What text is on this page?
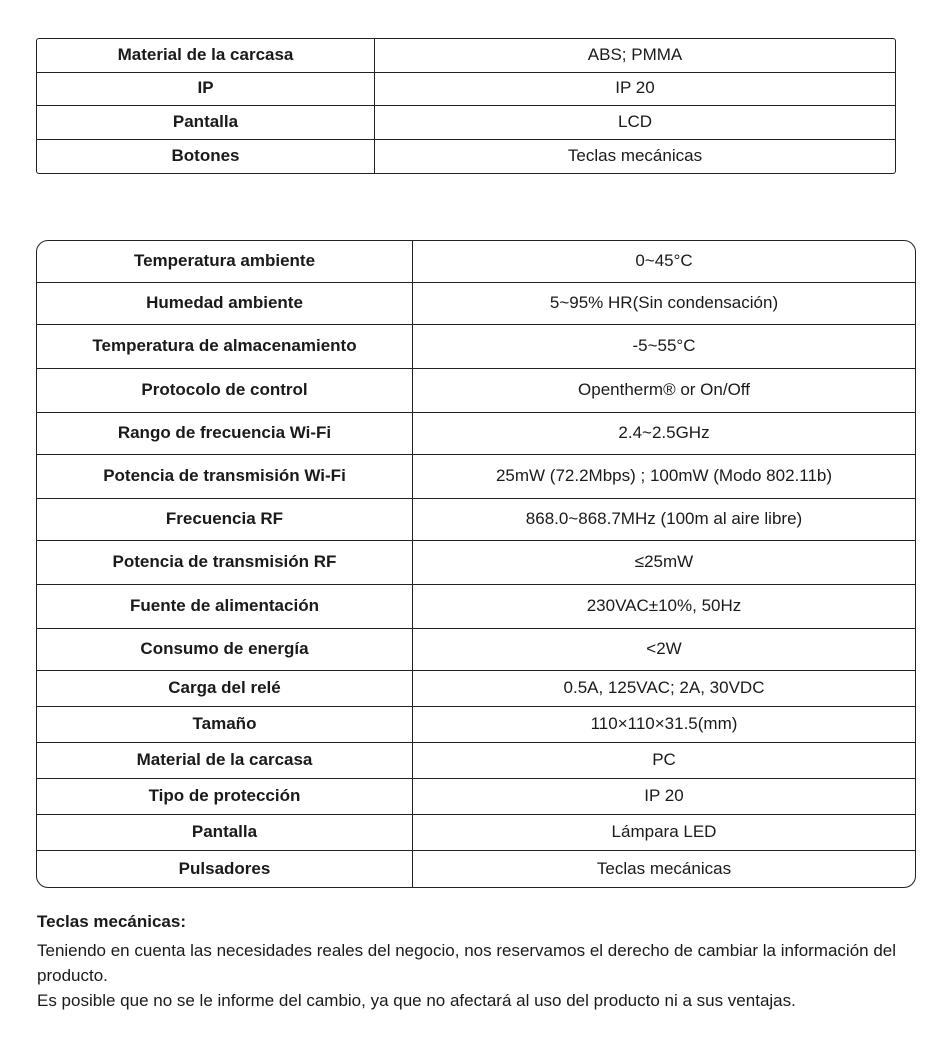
Material de la carcasa	ABS; PMMA
IP	IP 20
Pantalla	LCD
Botones	Teclas mecánicas
Temperatura ambiente	0~45°C
Humedad ambiente	5~95% HR(Sin condensación)
Temperatura de almacenamiento	-5~55°C
Protocolo de control	Opentherm® or On/Off
Rango de frecuencia Wi-Fi	2.4~2.5GHz
Potencia de transmisión Wi-Fi	25mW (72.2Mbps) ; 100mW (Modo 802.11b)
Frecuencia RF	868.0~868.7MHz (100m al aire libre)
Potencia de transmisión RF	≤25mW
Fuente de alimentación	230VAC±10%, 50Hz
Consumo de energía	<2W
Carga del relé	0.5A, 125VAC; 2A, 30VDC
Tamaño	110×110×31.5(mm)
Material de la carcasa	PC
Tipo de protección	IP 20
Pantalla	Lámpara LED
Pulsadores	Teclas mecánicas
Teclas mecánicas:

Teniendo en cuenta las necesidades reales del negocio, nos reservamos el derecho de cambiar la información del producto.

Es posible que no se le informe del cambio, ya que no afectará al uso del producto ni a sus ventajas.
